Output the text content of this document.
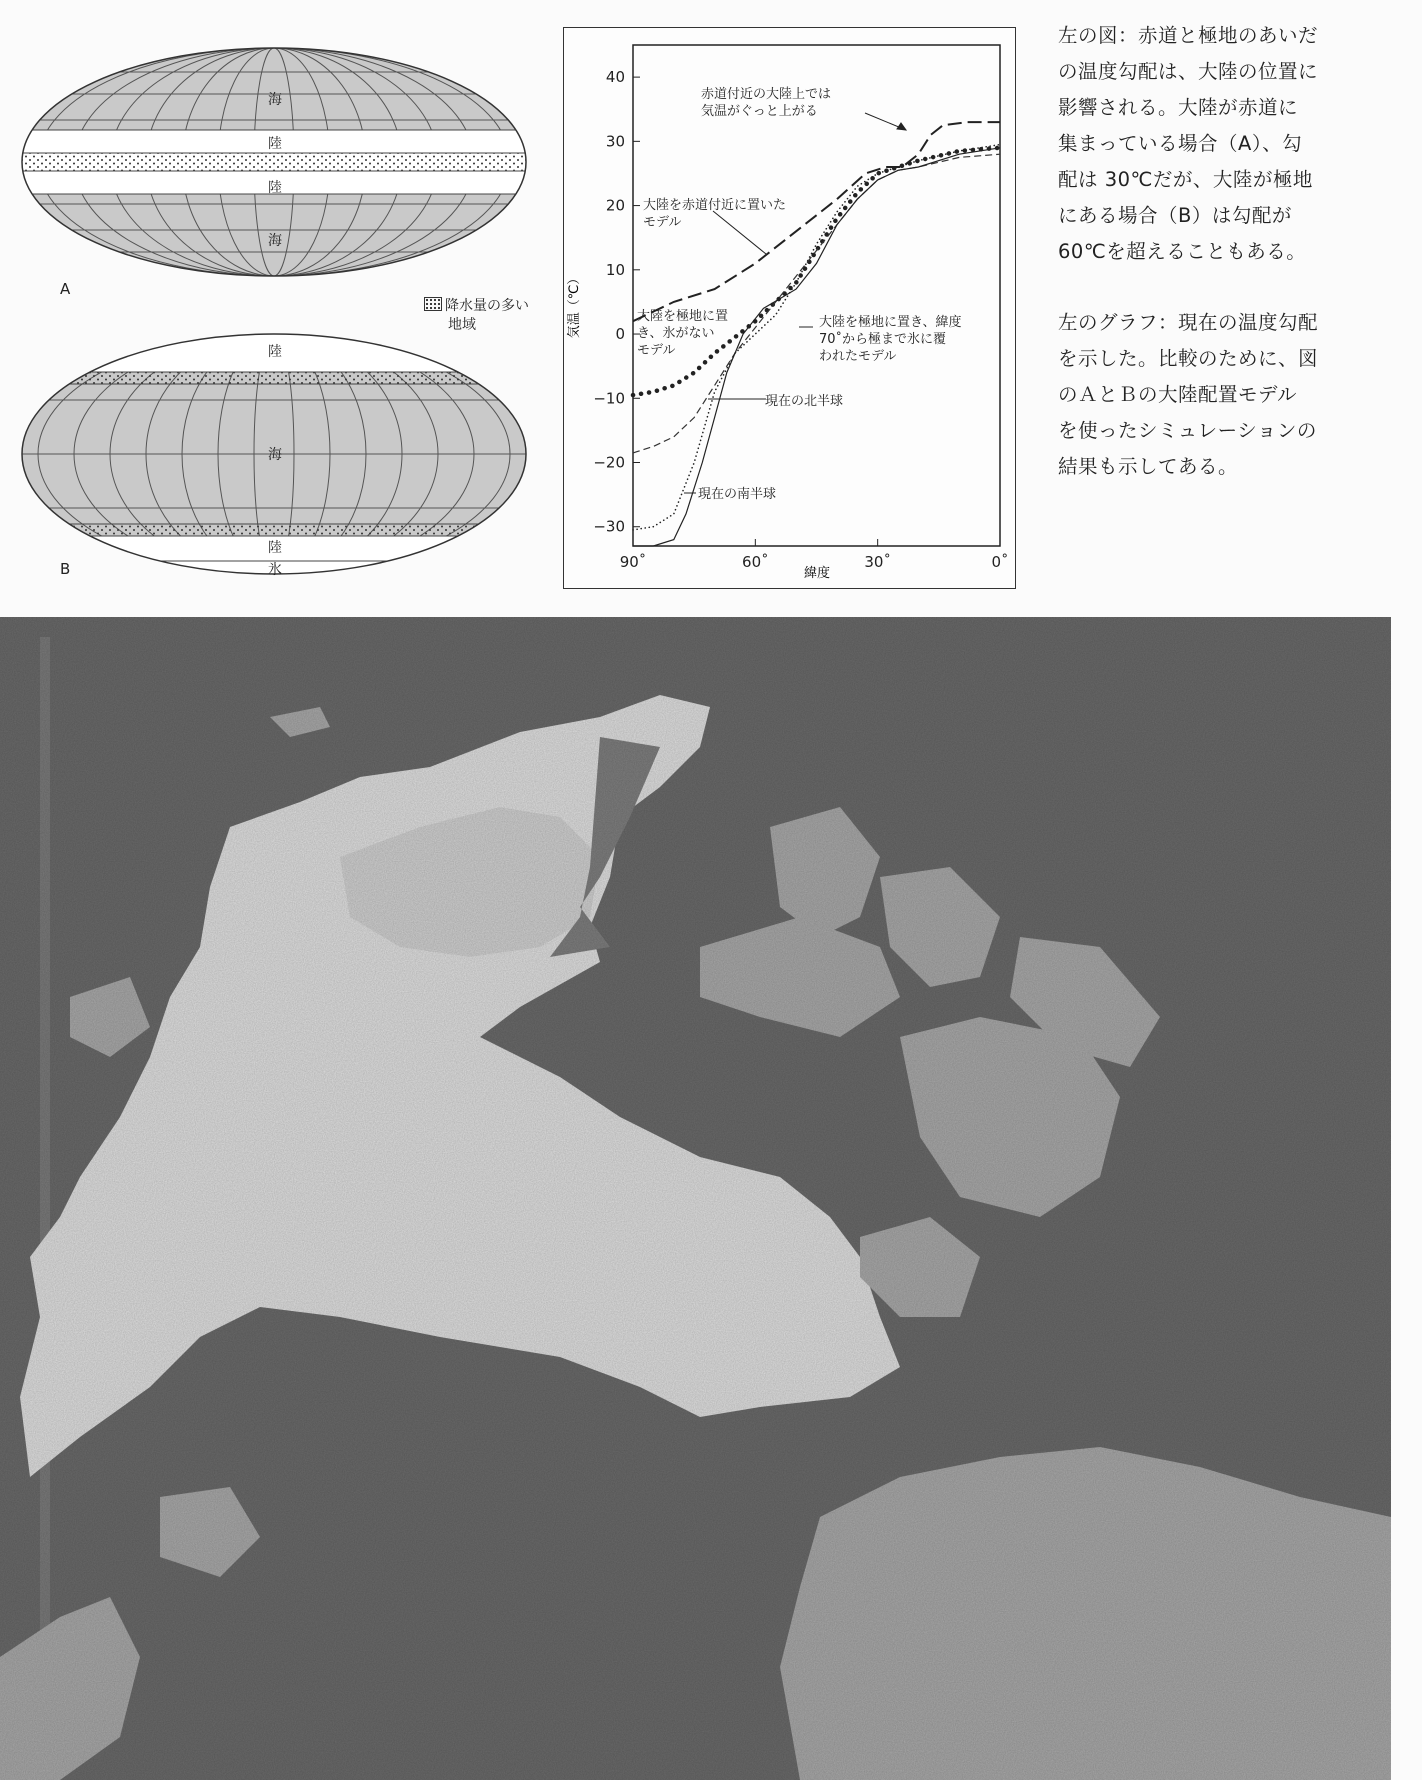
海
陸
陸
海
A
降水量の多い
地域
陸
海
陸
氷
B
40
30
20
10
0
−10
−20
−30
90˚	60˚	30˚	0˚
赤道付近の大陸上では
気温がぐっと上がる
大陸を赤道付近に置いた
モデル
大陸を極地に置
き、氷がない
モデル
大陸を極地に置き、緯度
70˚から極まで氷に覆
われたモデル
現在の北半球
現在の南半球
緯度
気温（℃）
左の図：赤道と極地のあいだ
の温度勾配は、大陸の位置に
影響される。大陸が赤道に
集まっている場合（A）、勾
配は 30℃だが、大陸が極地
にある場合（B）は勾配が
60℃を超えることもある。
左のグラフ：現在の温度勾配
を示した。比較のために、図
のＡとＢの大陸配置モデル
を使ったシミュレーションの
結果も示してある。
